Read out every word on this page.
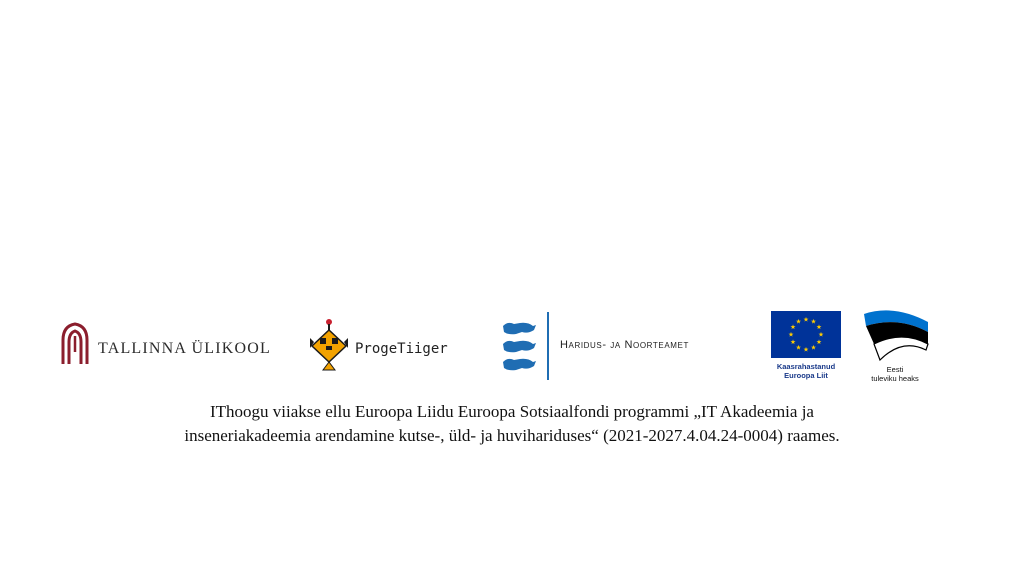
TALLINNA ÜLIKOOL	ProgeTiiger	Haridus- ja Noorteamet
Kaasrahastanud
Euroopa Liit
Eesti
tuleviku heaks
IThoogu viiakse ellu Euroopa Liidu Euroopa Sotsiaalfondi programmi „IT Akadeemia ja
inseneriakadeemia arendamine kutse-, üld- ja huvihariduses“ (2021-2027.4.04.24-0004) raames.
